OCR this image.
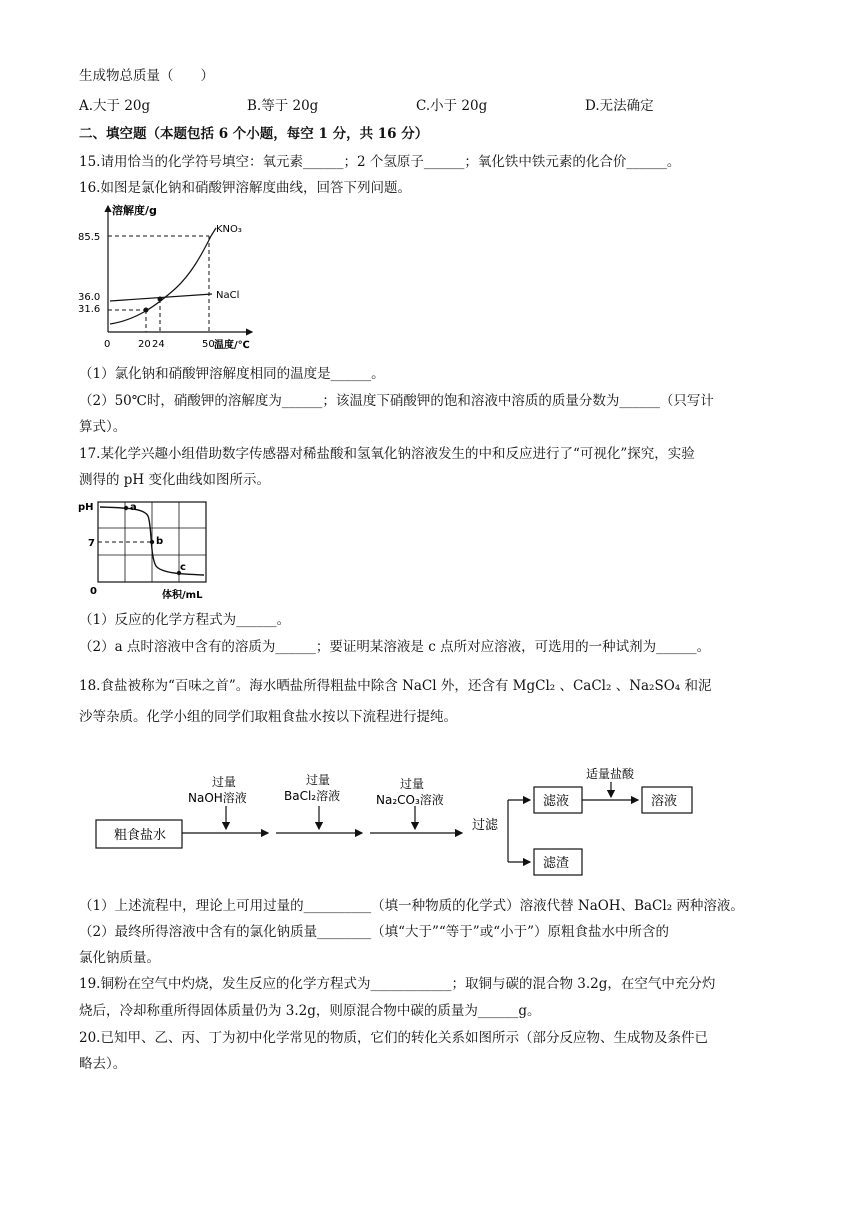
生成物总质量（　　）
A.大于 20g	B.等于 20g	C.小于 20g	D.无法确定
二、填空题（本题包括 6 个小题，每空 1 分，共 16 分）
15.请用恰当的化学符号填空：氧元素______；2 个氢原子______；氧化铁中铁元素的化合价______。
16.如图是氯化钠和硝酸钾溶解度曲线，回答下列问题。
溶解度/g
温度/℃
85.5
36.0
31.6
0	20 24	50
KNO₃
NaCl
（1）氯化钠和硝酸钾溶解度相同的温度是______。
（2）50℃时，硝酸钾的溶解度为______；该温度下硝酸钾的饱和溶液中溶质的质量分数为______（只写计
算式）。
17.某化学兴趣小组借助数字传感器对稀盐酸和氢氧化钠溶液发生的中和反应进行了“可视化”探究，实验
测得的 pH 变化曲线如图所示。
a
b
c
pH
7
0	体积/mL
（1）反应的化学方程式为______。
（2）a 点时溶液中含有的溶质为______；要证明某溶液是 c 点所对应溶液，可选用的一种试剂为______。
18.食盐被称为“百味之首”。海水晒盐所得粗盐中除含 NaCl 外，还含有 MgCl₂ 、CaCl₂ 、Na₂SO₄ 和泥
沙等杂质。化学小组的同学们取粗食盐水按以下流程进行提纯。
粗食盐水
过量
NaOH溶液
过量
BaCl₂溶液
过量
Na₂CO₃溶液
过滤
滤液
滤渣
适量盐酸
溶液
（1）上述流程中，理论上可用过量的__________（填一种物质的化学式）溶液代替 NaOH、BaCl₂ 两种溶液。
（2）最终所得溶液中含有的氯化钠质量________（填“大于”“等于”或“小于”）原粗食盐水中所含的
氯化钠质量。
19.铜粉在空气中灼烧，发生反应的化学方程式为____________；取铜与碳的混合物 3.2g，在空气中充分灼
烧后，冷却称重所得固体质量仍为 3.2g，则原混合物中碳的质量为______g。
20.已知甲、乙、丙、丁为初中化学常见的物质，它们的转化关系如图所示（部分反应物、生成物及条件已
略去）。
